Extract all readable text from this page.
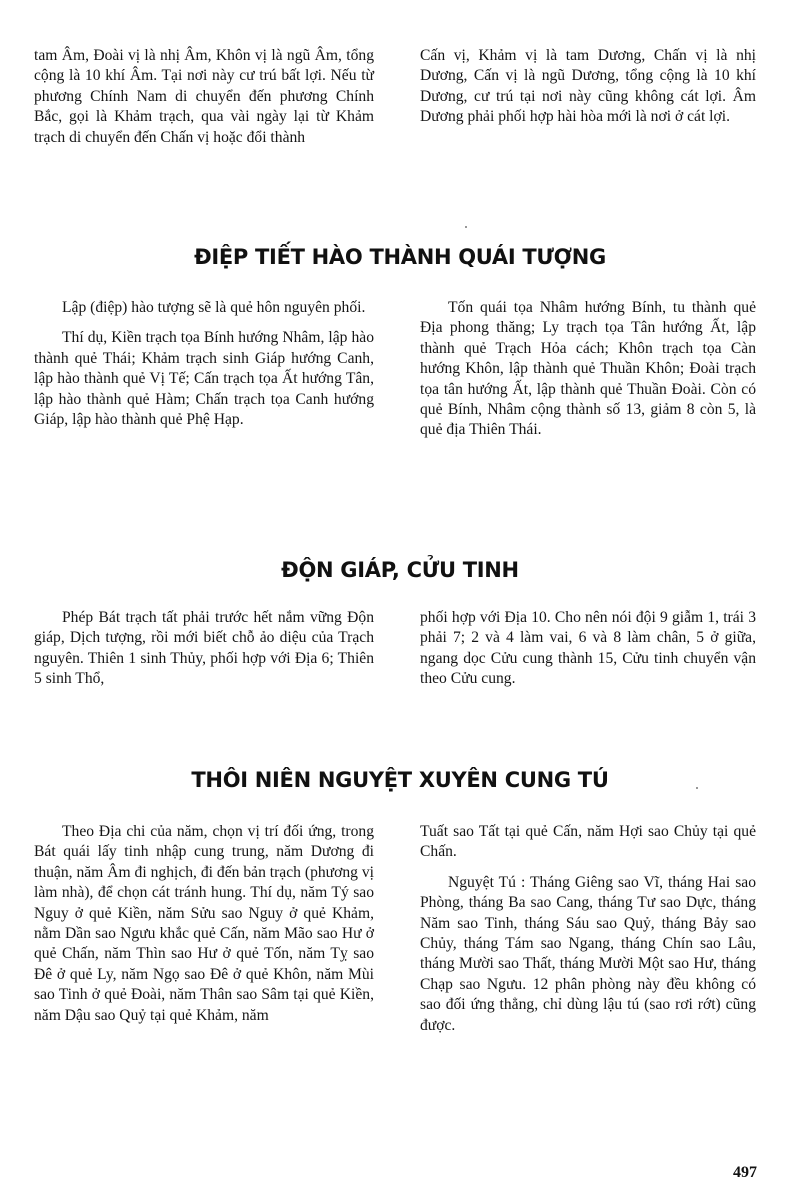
tam Âm, Đoài vị là nhị Âm, Khôn vị là ngũ Âm, tổng cộng là 10 khí Âm. Tại nơi này cư trú bất lợi. Nếu từ phương Chính Nam di chuyển đến phương Chính Bắc, gọi là Khảm trạch, qua vài ngày lại từ Khảm trạch di chuyển đến Chấn vị hoặc đổi thành

Cấn vị, Khảm vị là tam Dương, Chấn vị là nhị Dương, Cấn vị là ngũ Dương, tổng cộng là 10 khí Dương, cư trú tại nơi này cũng không cát lợi. Âm Dương phải phối hợp hài hòa mới là nơi ở cát lợi.

ĐIỆP TIẾT HÀO THÀNH QUÁI TƯỢNG

Lập (điệp) hào tượng sẽ là quẻ hôn nguyên phối.

Thí dụ, Kiền trạch tọa Bính hướng Nhâm, lập hào thành quẻ Thái; Khảm trạch sinh Giáp hướng Canh, lập hào thành quẻ Vị Tế; Cấn trạch tọa Ất hướng Tân, lập hào thành quẻ Hàm; Chấn trạch tọa Canh hướng Giáp, lập hào thành quẻ Phệ Hạp.

Tốn quái tọa Nhâm hướng Bính, tu thành quẻ Địa phong thăng; Ly trạch tọa Tân hướng Ất, lập thành quẻ Trạch Hỏa cách; Khôn trạch tọa Càn hướng Khôn, lập thành quẻ Thuần Khôn; Đoài trạch tọa tân hướng Ất, lập thành quẻ Thuần Đoài. Còn có quẻ Bính, Nhâm cộng thành số 13, giảm 8 còn 5, là quẻ địa Thiên Thái.

ĐỘN GIÁP, CỬU TINH

Phép Bát trạch tất phải trước hết nắm vững Độn giáp, Dịch tượng, rồi mới biết chỗ ảo diệu của Trạch nguyên. Thiên 1 sinh Thủy, phối hợp với Địa 6; Thiên 5 sinh Thổ,

phối hợp với Địa 10. Cho nên nói đội 9 giẫm 1, trái 3 phải 7; 2 và 4 làm vai, 6 và 8 làm chân, 5 ở giữa, ngang dọc Cửu cung thành 15, Cửu tinh chuyển vận theo Cửu cung.

THÔI NIÊN NGUYỆT XUYÊN CUNG TÚ

Theo Địa chi của năm, chọn vị trí đối ứng, trong Bát quái lấy tinh nhập cung trung, năm Dương đi thuận, năm Âm đi nghịch, đi đến bản trạch (phương vị làm nhà), để chọn cát tránh hung. Thí dụ, năm Tý sao Nguy ở quẻ Kiền, năm Sửu sao Nguy ở quẻ Khảm, nằm Dần sao Ngưu khắc quẻ Cấn, năm Mão sao Hư ở quẻ Chấn, năm Thìn sao Hư ở quẻ Tốn, năm Tỵ sao Đê ở quẻ Ly, năm Ngọ sao Đê ở quẻ Khôn, năm Mùi sao Tinh ở quẻ Đoài, năm Thân sao Sâm tại quẻ Kiền, năm Dậu sao Quỷ tại quẻ Khảm, năm

Tuất sao Tất tại quẻ Cấn, năm Hợi sao Chủy tại quẻ Chấn.

Nguyệt Tú : Tháng Giêng sao Vĩ, tháng Hai sao Phòng, tháng Ba sao Cang, tháng Tư sao Dực, tháng Năm sao Tinh, tháng Sáu sao Quỷ, tháng Bảy sao Chủy, tháng Tám sao Ngang, tháng Chín sao Lâu, tháng Mười sao Thất, tháng Mười Một sao Hư, tháng Chạp sao Ngưu. 12 phân phòng này đều không có sao đối ứng thẳng, chỉ dùng lậu tú (sao rơi rớt) cũng được.

497
